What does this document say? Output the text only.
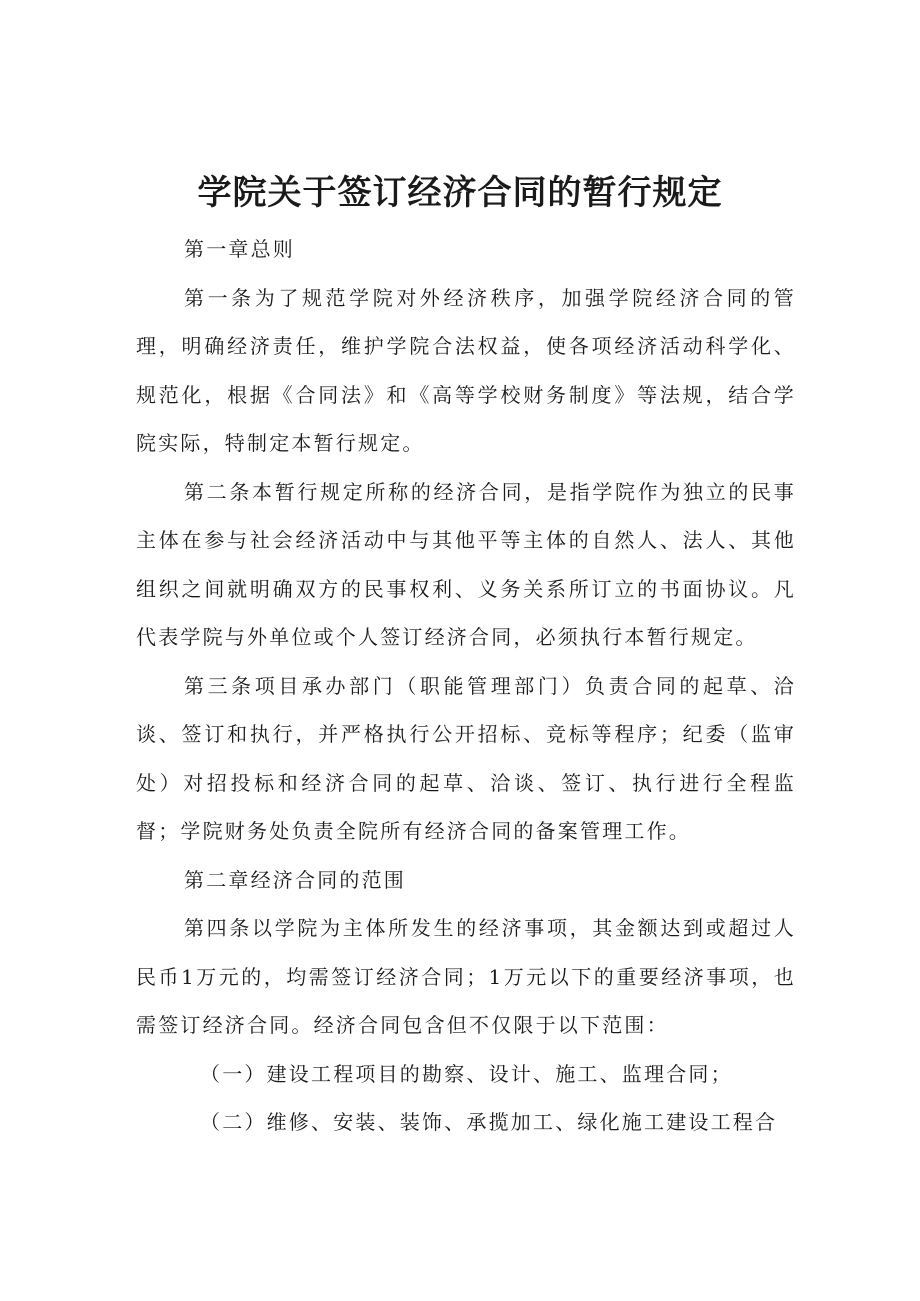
学院关于签订经济合同的暂行规定

第一章总则

第一条为了规范学院对外经济秩序，加强学院经济合同的管理，明确经济责任，维护学院合法权益，使各项经济活动科学化、规范化，根据《合同法》和《高等学校财务制度》等法规，结合学院实际，特制定本暂行规定。

第二条本暂行规定所称的经济合同，是指学院作为独立的民事主体在参与社会经济活动中与其他平等主体的自然人、法人、其他组织之间就明确双方的民事权利、义务关系所订立的书面协议。凡代表学院与外单位或个人签订经济合同，必须执行本暂行规定。

第三条项目承办部门（职能管理部门）负责合同的起草、洽谈、签订和执行，并严格执行公开招标、竞标等程序；纪委（监审处）对招投标和经济合同的起草、洽谈、签订、执行进行全程监督；学院财务处负责全院所有经济合同的备案管理工作。

第二章经济合同的范围

第四条以学院为主体所发生的经济事项，其金额达到或超过人民币1万元的，均需签订经济合同；1万元以下的重要经济事项，也需签订经济合同。经济合同包含但不仅限于以下范围：

（一）建设工程项目的勘察、设计、施工、监理合同；

（二）维修、安装、装饰、承揽加工、绿化施工建设工程合
